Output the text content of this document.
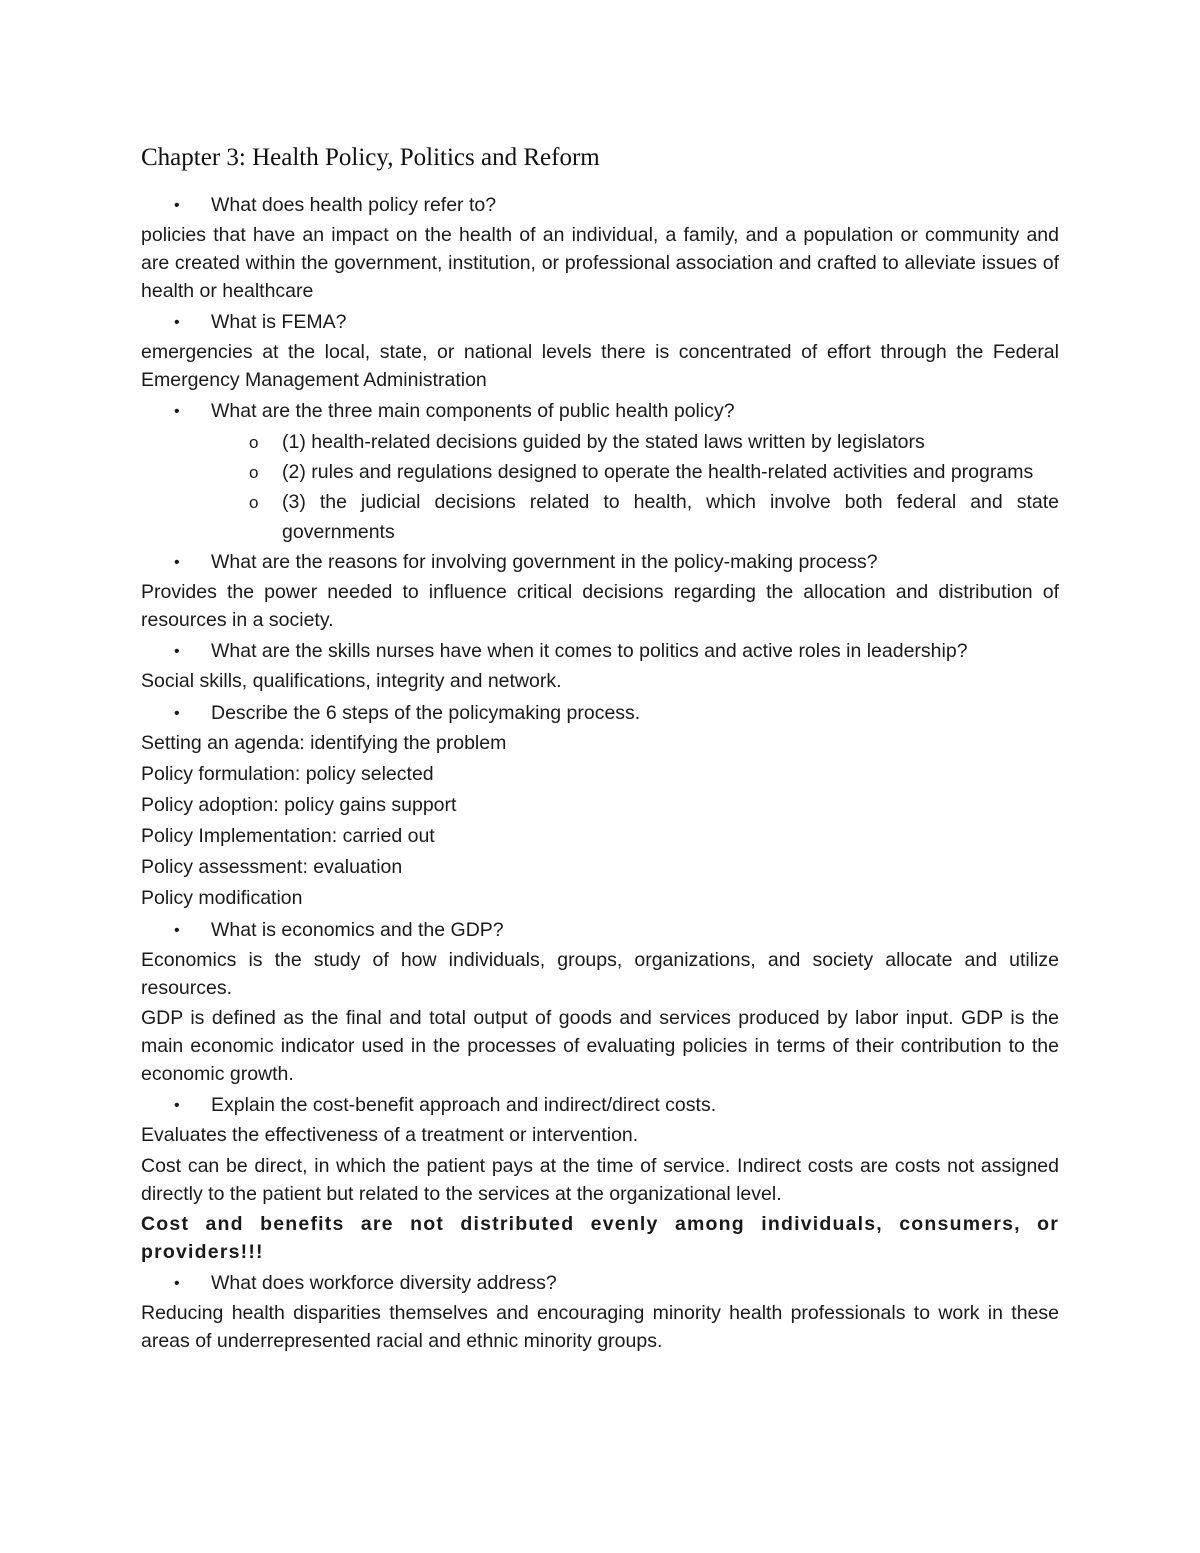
Chapter 3: Health Policy, Politics and Reform
• What does health policy refer to?

policies that have an impact on the health of an individual, a family, and a population or community and are created within the government, institution, or professional association and crafted to alleviate issues of health or healthcare

• What is FEMA?

emergencies at the local, state, or national levels there is concentrated of effort through the Federal Emergency Management Administration

• What are the three main components of public health policy?
o (1) health-related decisions guided by the stated laws written by legislators
o (2) rules and regulations designed to operate the health-related activities and programs
o (3) the judicial decisions related to health, which involve both federal and state governments
• What are the reasons for involving government in the policy-making process?

Provides the power needed to influence critical decisions regarding the allocation and distribution of resources in a society.

• What are the skills nurses have when it comes to politics and active roles in leadership?

Social skills, qualifications, integrity and network.

• Describe the 6 steps of the policymaking process.

Setting an agenda: identifying the problem

Policy formulation: policy selected

Policy adoption: policy gains support

Policy Implementation: carried out

Policy assessment: evaluation

Policy modification

• What is economics and the GDP?

Economics is the study of how individuals, groups, organizations, and society allocate and utilize resources.

GDP is defined as the final and total output of goods and services produced by labor input. GDP is the main economic indicator used in the processes of evaluating policies in terms of their contribution to the economic growth.

• Explain the cost-benefit approach and indirect/direct costs.

Evaluates the effectiveness of a treatment or intervention.

Cost can be direct, in which the patient pays at the time of service. Indirect costs are costs not assigned directly to the patient but related to the services at the organizational level.

Cost and benefits are not distributed evenly among individuals, consumers, or providers!!!

• What does workforce diversity address?

Reducing health disparities themselves and encouraging minority health professionals to work in these areas of underrepresented racial and ethnic minority groups.
